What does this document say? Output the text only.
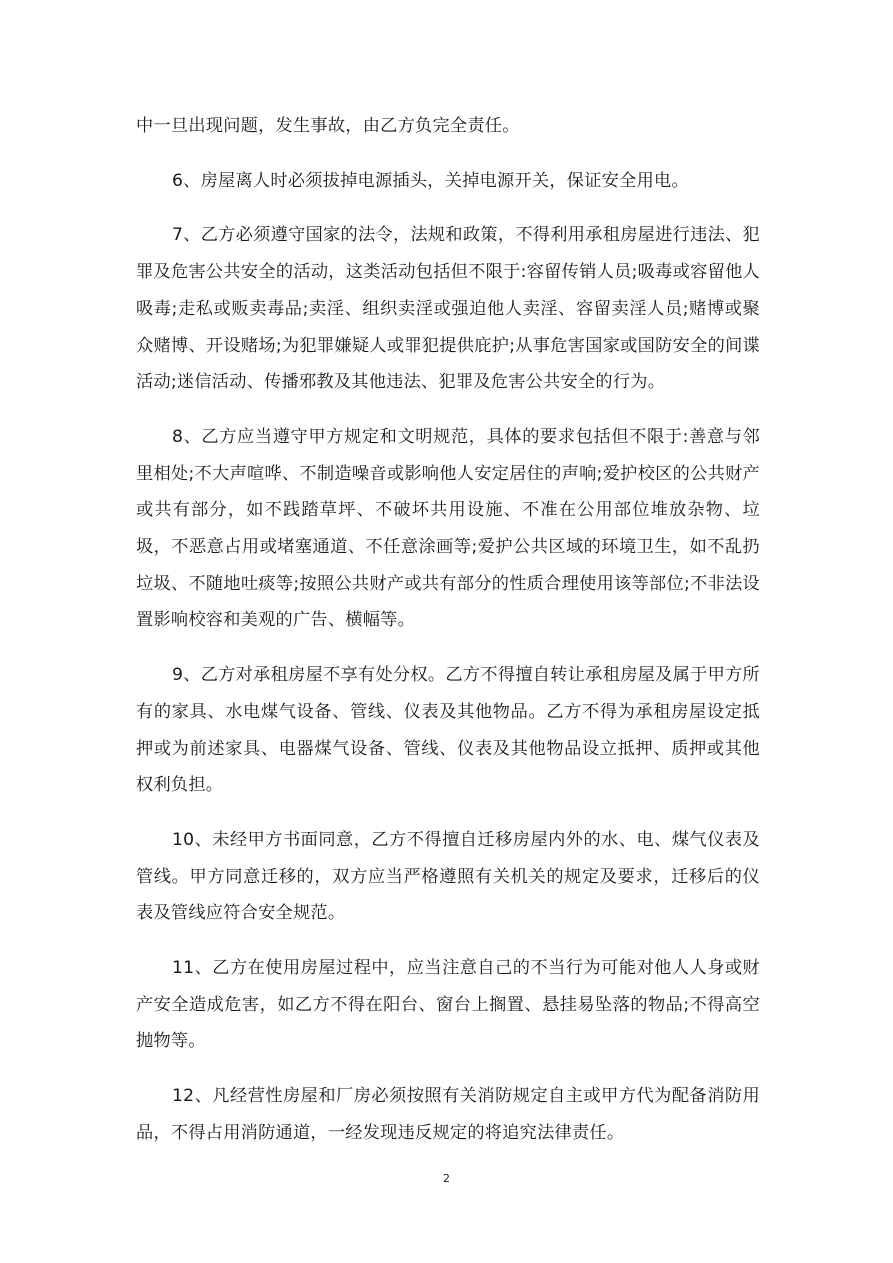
中一旦出现问题，发生事故，由乙方负完全责任。

6、房屋离人时必须拔掉电源插头，关掉电源开关，保证安全用电。

7、乙方必须遵守国家的法令，法规和政策，不得利用承租房屋进行违法、犯罪及危害公共安全的活动，这类活动包括但不限于:容留传销人员;吸毒或容留他人吸毒;走私或贩卖毒品;卖淫、组织卖淫或强迫他人卖淫、容留卖淫人员;赌博或聚众赌博、开设赌场;为犯罪嫌疑人或罪犯提供庇护;从事危害国家或国防安全的间谍活动;迷信活动、传播邪教及其他违法、犯罪及危害公共安全的行为。

8、乙方应当遵守甲方规定和文明规范，具体的要求包括但不限于:善意与邻里相处;不大声喧哗、不制造噪音或影响他人安定居住的声响;爱护校区的公共财产或共有部分，如不践踏草坪、不破坏共用设施、不准在公用部位堆放杂物、垃圾，不恶意占用或堵塞通道、不任意涂画等;爱护公共区域的环境卫生，如不乱扔垃圾、不随地吐痰等;按照公共财产或共有部分的性质合理使用该等部位;不非法设置影响校容和美观的广告、横幅等。

9、乙方对承租房屋不享有处分权。乙方不得擅自转让承租房屋及属于甲方所有的家具、水电煤气设备、管线、仪表及其他物品。乙方不得为承租房屋设定抵押或为前述家具、电器煤气设备、管线、仪表及其他物品设立抵押、质押或其他权利负担。

10、未经甲方书面同意，乙方不得擅自迁移房屋内外的水、电、煤气仪表及管线。甲方同意迁移的，双方应当严格遵照有关机关的规定及要求，迁移后的仪表及管线应符合安全规范。

11、乙方在使用房屋过程中，应当注意自己的不当行为可能对他人人身或财产安全造成危害，如乙方不得在阳台、窗台上搁置、悬挂易坠落的物品;不得高空抛物等。

12、凡经营性房屋和厂房必须按照有关消防规定自主或甲方代为配备消防用品，不得占用消防通道，一经发现违反规定的将追究法律责任。

2
